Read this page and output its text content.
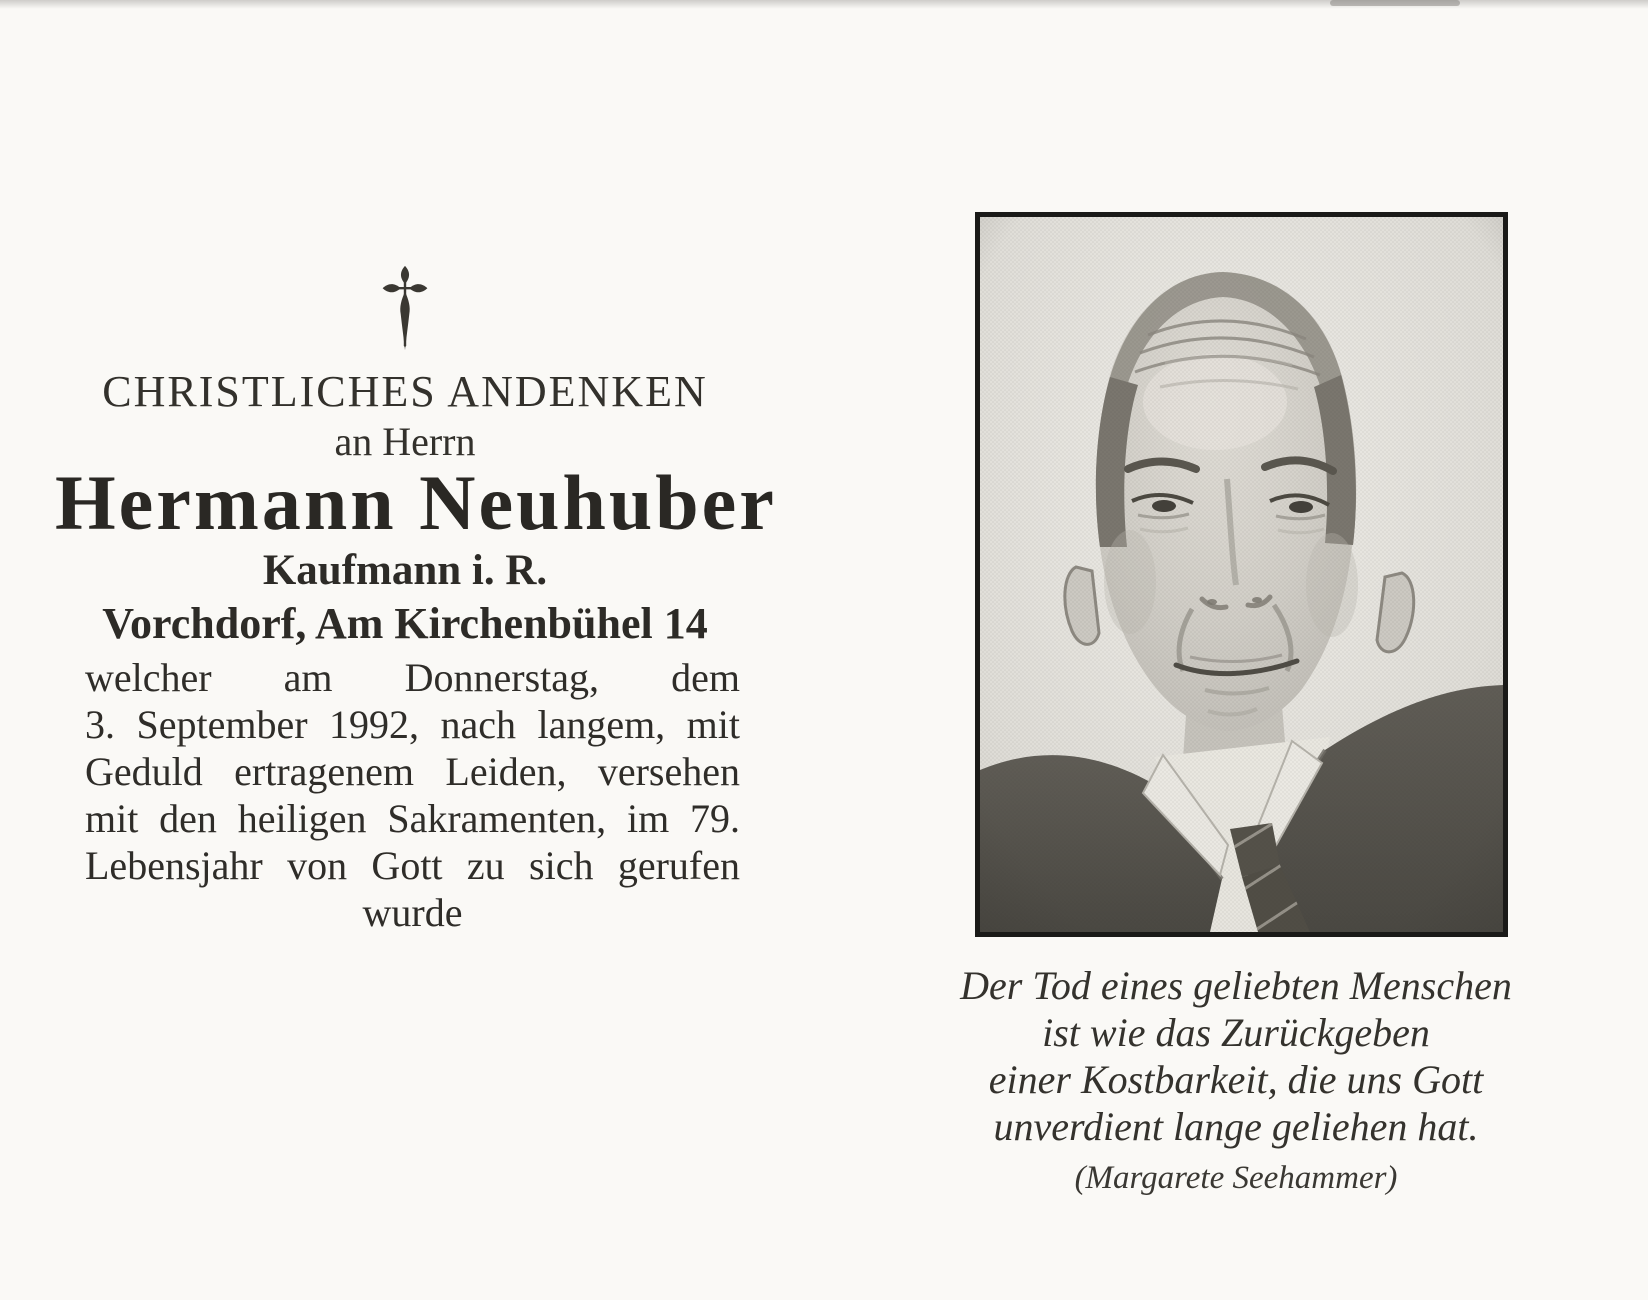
CHRISTLICHES ANDENKEN
an Herrn
Hermann Neuhuber
Kaufmann i. R.
Vorchdorf, Am Kirchenbühel 14
welcher am Donnerstag, dem
3. September 1992, nach langem, mit
Geduld ertragenem Leiden, versehen
mit den heiligen Sakramenten, im 79.
Lebensjahr von Gott zu sich gerufen
wurde
Der Tod eines geliebten Menschen
ist wie das Zurückgeben
einer Kostbarkeit, die uns Gott
unverdient lange geliehen hat.
(Margarete Seehammer)
